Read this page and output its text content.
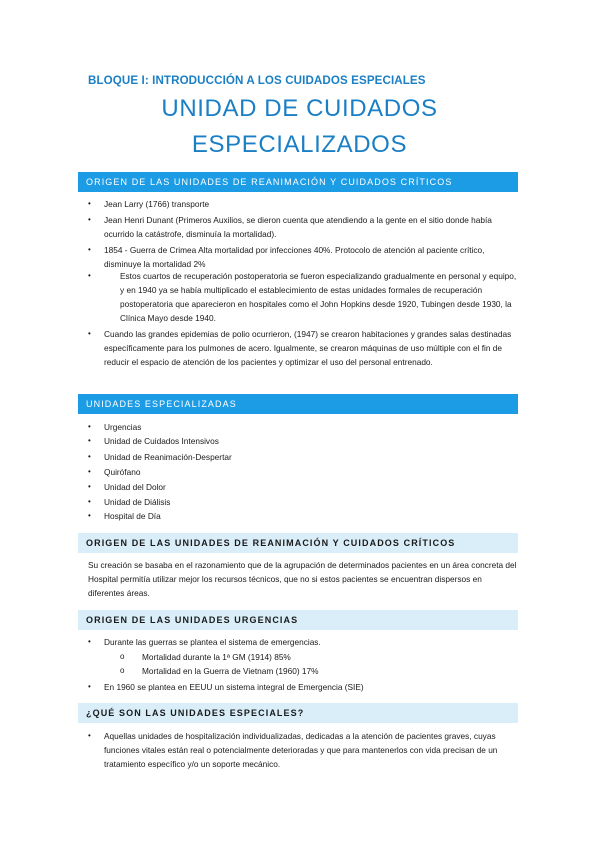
BLOQUE I: INTRODUCCIÓN A LOS CUIDADOS ESPECIALES
UNIDAD DE CUIDADOS
ESPECIALIZADOS
ORIGEN DE LAS UNIDADES DE REANIMACIÓN Y CUIDADOS CRÍTICOS
• Jean Larry (1766) transporte
• Jean Henri Dunant (Primeros Auxilios, se dieron cuenta que atendiendo a la gente en el sitio donde había ocurrido la catástrofe, disminuía la mortalidad).
• 1854 - Guerra de Crimea Alta mortalidad por infecciones 40%. Protocolo de atención al paciente crítico, disminuye la mortalidad 2%
•	Estos cuartos de recuperación postoperatoria se fueron especializando gradualmente en personal y equipo, y en 1940 ya se había multiplicado el establecimiento de estas unidades formales de recuperación postoperatoria que aparecieron en hospitales como el John Hopkins desde 1920, Tubingen desde 1930, la Clínica Mayo desde 1940.
• Cuando las grandes epidemias de polio ocurrieron, (1947) se crearon habitaciones y grandes salas destinadas específicamente para los pulmones de acero. Igualmente, se crearon máquinas de uso múltiple con el fin de reducir el espacio de atención de los pacientes y optimizar el uso del personal entrenado.
UNIDADES ESPECIALIZADAS
• Urgencias
• Unidad de Cuidados Intensivos
• Unidad de Reanimación-Despertar
• Quirófano
• Unidad del Dolor
• Unidad de Diálisis
• Hospital de Día
ORIGEN DE LAS UNIDADES DE REANIMACIÓN Y CUIDADOS CRÍTICOS
Su creación se basaba en el razonamiento que de la agrupación de determinados pacientes en un área concreta del Hospital permitía utilizar mejor los recursos técnicos, que no si estos pacientes se encuentran dispersos en diferentes áreas.
ORIGEN DE LAS UNIDADES URGENCIAS
• Durante las guerras se plantea el sistema de emergencias.
o Mortalidad durante la 1ª GM (1914) 85%
o Mortalidad en la Guerra de Vietnam (1960) 17%
• En 1960 se plantea en EEUU un sistema integral de Emergencia (SIE)
¿QUÉ SON LAS UNIDADES ESPECIALES?
• Aquellas unidades de hospitalización individualizadas, dedicadas a la atención de pacientes graves, cuyas funciones vitales están real o potencialmente deterioradas y que para mantenerlos con vida precisan de un tratamiento específico y/o un soporte mecánico.
